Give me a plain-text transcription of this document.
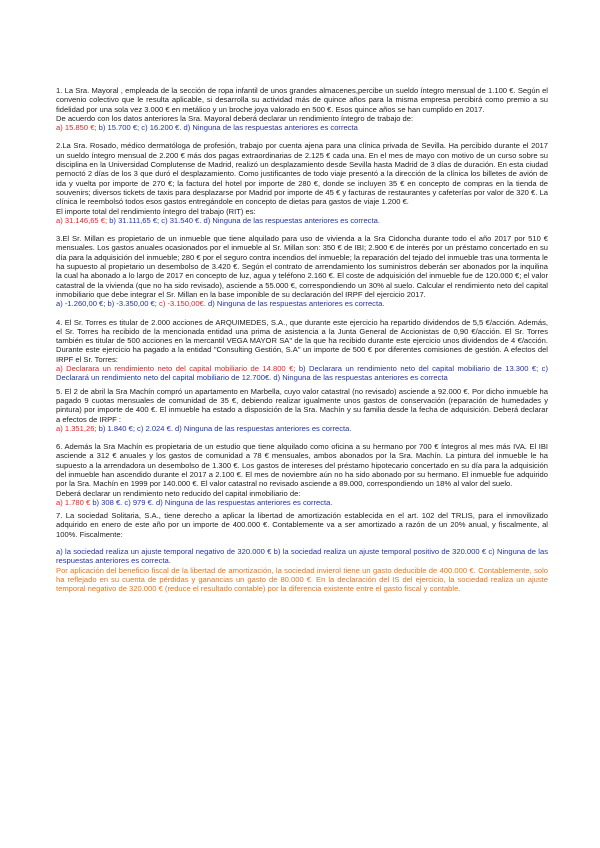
1. La Sra. Mayoral , empleada de la sección de ropa infantil de unos grandes almacenes,percibe un sueldo íntegro mensual de 1.100 €. Según el convenio colectivo que le resulta aplicable, si desarrolla su actividad más de quince años para la misma empresa percibirá como premio a su fidelidad por una sola vez 3.000 € en metálico y un broche joya valorado en 500 €. Esos quince años se han cumplido en 2017.

De acuerdo con los datos anteriores la Sra. Mayoral deberá declarar un rendimiento íntegro de trabajo de:

a) 15.850 €; b) 15.700 €; c) 16.200 €. d) Ninguna de las respuestas anteriores es correcta

2.La Sra. Rosado, médico dermatóloga de profesión, trabajo por cuenta ajena para una clínica privada de Sevilla. Ha percibido durante el 2017 un sueldo íntegro mensual de 2.200 € más dos pagas extraordinarias de 2.125 € cada una. En el mes de mayo con motivo de un curso sobre su disciplina en la Universidad Complutense de Madrid, realizó un desplazamiento desde Sevilla hasta Madrid de 3 días de duración. En esta ciudad pernoctó 2 días de los 3 que duró el desplazamiento. Como justificantes de todo viaje presentó a la dirección de la clínica los billetes de avión de ida y vuelta por importe de 270 €; la factura del hotel por importe de 280 €, donde se incluyen 35 € en concepto de compras en la tienda de souvenirs; diversos tickets de taxis para desplazarse por Madrid por importe de 45 € y facturas de restaurantes y cafeterías por valor de 320 €. La clínica le reembolsó todos esos gastos entregándole en concepto de dietas para gastos de viaje 1.200 €.

El importe total del rendimiento íntegro del trabajo (RIT) es:

a) 31.146,65 €; b) 31.111,65 €; c) 31.540 €. d) Ninguna de las respuestas anteriores es correcta.

3.El Sr. Millan es propietario de un inmueble que tiene alquilado para uso de vivienda a la Sra Cidoncha durante todo el año 2017 por 510 € mensuales. Los gastos anuales ocasionados por el inmueble al Sr. Millan son: 350 € de IBI; 2.900 € de interés por un préstamo concertado en su día para la adquisición del inmueble; 280 € por el seguro contra incendios del inmueble; la reparación del tejado del inmueble tras una tormenta le ha supuesto al propietario un desembolso de 3.420 €. Según el contrato de arrendamiento los suministros deberán ser abonados por la inquilina la cual ha abonado a lo largo de 2017 en concepto de luz, agua y teléfono 2.160 €. El coste de adquisición del inmueble fue de 120.000 €; el valor catastral de la vivienda (que no ha sido revisado), asciende a 55.000 €, correspondiendo un 30% al suelo. Calcular el rendimiento neto del capital inmobiliario que debe integrar el Sr. Millan en la base imponible de su declaración del IRPF del ejercicio 2017.

a) -1.260,00 €; b) -3.350,00 €; c) -3.150,00€. d) Ninguna de las respuestas anteriores es correcta.

4. El Sr. Torres es titular de 2.000 acciones de ARQUIMEDES, S.A., que durante este ejercicio ha repartido dividendos de 5,5 €/acción. Además, el Sr. Torres ha recibido de la mencionada entidad una prima de asistencia a la Junta General de Accionistas de 0,90 €/acción. El Sr. Torres también es titular de 500 acciones en la mercantil VEGA MAYOR SA" de la que ha recibido durante este ejercicio unos dividendos de 4 €/acción. Durante este ejercicio ha pagado a la entidad "Consulting Gestión, S.A" un importe de 500 € por diferentes comisiones de gestión. A efectos del IRPF el Sr. Torres:

a) Declarara un rendimiento neto del capital mobiliario de 14.800 €; b) Declarara un rendimiento neto del capital mobiliario de 13.300 €; c) Declarará un rendimiento neto del capital mobiliario de 12.700€. d) Ninguna de las respuestas anteriores es correcta

5. El 2 de abril la Sra Machín compró un apartamento en Marbella, cuyo valor catastral (no revisado) asciende a 92.000 €. Por dicho inmueble ha pagado 9 cuotas mensuales de comunidad de 35 €, debiendo realizar igualmente unos gastos de conservación (reparación de humedades y pintura) por importe de 400 €. El inmueble ha estado a disposición de la Sra. Machín y su familia desde la fecha de adquisición. Deberá declarar a efectos de IRPF :

a) 1.351,26; b) 1.840 €; c) 2.024 €. d) Ninguna de las respuestas anteriores es correcta.

6. Además la Sra Machín es propietaria de un estudio que tiene alquilado como oficina a su hermano por 700 € íntegros al mes más IVA. El IBI asciende a 312 € anuales y los gastos de comunidad a 78 € mensuales, ambos abonados por la Sra. Machín. La pintura del inmueble le ha supuesto a la arrendadora un desembolso de 1.300 €. Los gastos de intereses del préstamo hipotecario concertado en su día para la adquisición del inmueble han ascendido durante el 2017 a 2.100 €. El mes de noviembre aún no ha sido abonado por su hermano. El inmueble fue adquirido por la Sra. Machín en 1999 por 140.000 €. El valor catastral no revisado asciende a 89.000, correspondiendo un 18% al valor del suelo.

Deberá declarar un rendimiento neto reducido del capital inmobiliario de:

a) 1.780 € b) 308 €. c) 979 €. d) Ninguna de las respuestas anteriores es correcta.

7. La sociedad Solitaria, S.A., tiene derecho a aplicar la libertad de amortización establecida en el art. 102 del TRLIS, para el inmovilizado adquirido en enero de este año por un importe de 400.000 €. Contablemente va a ser amortizado a razón de un 20% anual, y fiscalmente, al 100%. Fiscalmente:

a) la sociedad realiza un ajuste temporal negativo de 320.000 € b) la sociedad realiza un ajuste temporal positivo de 320.000 € c) Ninguna de las respuestas anteriores es correcta.

Por aplicación del beneficio fiscal de la libertad de amortización, la sociedad invierol tiene un gasto deducible de 400.000 €. Contablemente, solo ha reflejado en su cuenta de pérdidas y ganancias un gasto de 80.000 €. En la declaración del IS del ejercicio, la sociedad realiza un ajuste temporal negativo de 320.000 € (reduce el resultado contable) por la diferencia existente entre el gasto fiscal y contable.
